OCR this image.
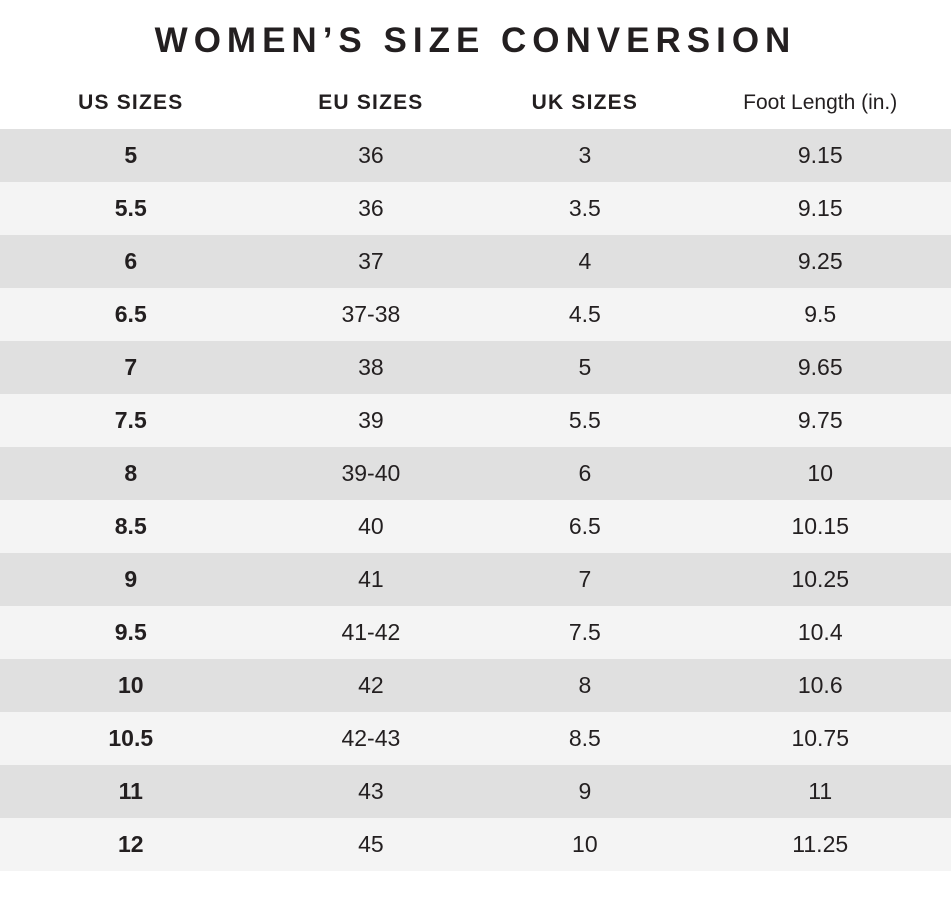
WOMEN’S SIZE CONVERSION
US SIZES	EU SIZES	UK SIZES	Foot Length (in.)
5	36	3	9.15
5.5	36	3.5	9.15
6	37	4	9.25
6.5	37-38	4.5	9.5
7	38	5	9.65
7.5	39	5.5	9.75
8	39-40	6	10
8.5	40	6.5	10.15
9	41	7	10.25
9.5	41-42	7.5	10.4
10	42	8	10.6
10.5	42-43	8.5	10.75
11	43	9	11
12	45	10	11.25
